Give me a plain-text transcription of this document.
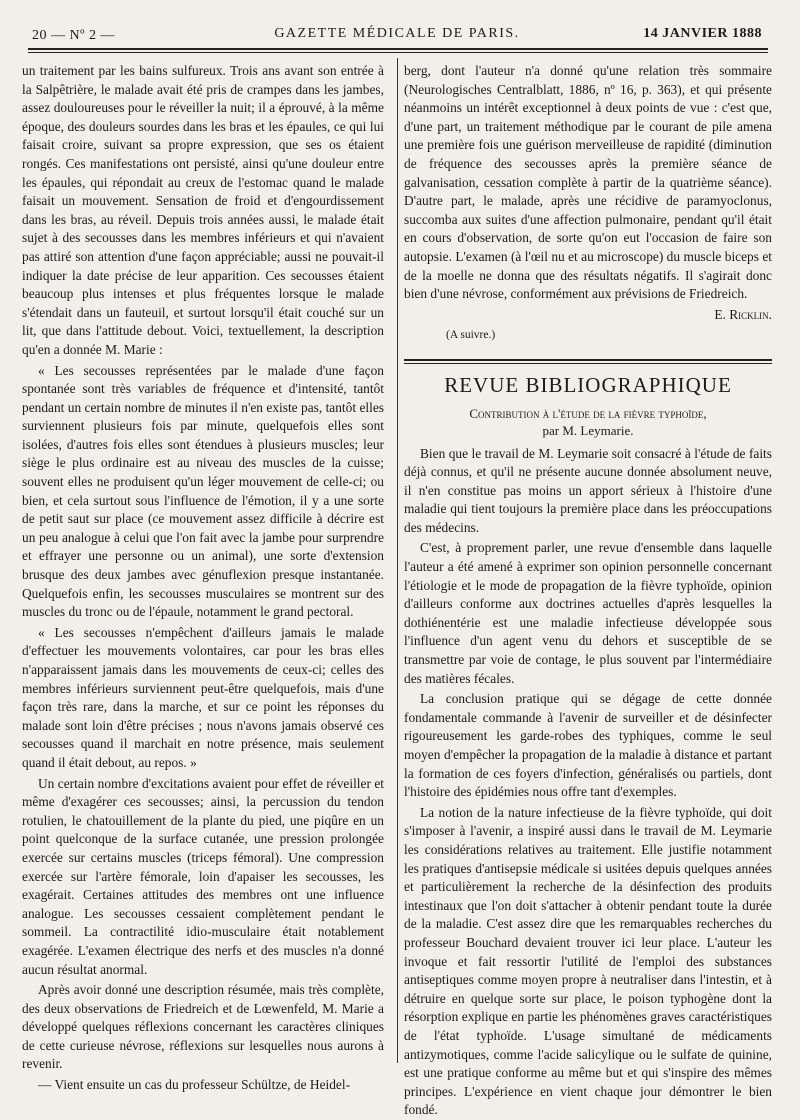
20 — Nº 2 —	GAZETTE MÉDICALE DE PARIS.	14 JANVIER 1888

un traitement par les bains sulfureux. Trois ans avant son entrée à la Salpêtrière, le malade avait été pris de crampes dans les jambes, assez douloureuses pour le réveiller la nuit; il a éprouvé, à la même époque, des douleurs sourdes dans les bras et les épaules, ce qui lui faisait croire, suivant sa propre expression, que ses os étaient rongés. Ces manifestations ont persisté, ainsi qu'une douleur entre les épaules, qui répondait au creux de l'estomac quand le malade faisait un mouvement. Sensation de froid et d'engourdissement dans les bras, au réveil. Depuis trois années aussi, le malade était sujet à des secousses dans les membres inférieurs et qui n'avaient pas attiré son attention d'une façon appréciable; aussi ne pouvait-il indiquer la date précise de leur apparition. Ces secousses étaient beaucoup plus intenses et plus fréquentes lorsque le malade s'étendait dans un fauteuil, et surtout lorsqu'il était couché sur un lit, que dans l'attitude debout. Voici, textuellement, la description qu'en a donnée M. Marie :

« Les secousses représentées par le malade d'une façon spontanée sont très variables de fréquence et d'intensité, tantôt pendant un certain nombre de minutes il n'en existe pas, tantôt elles surviennent plusieurs fois par minute, quelquefois elles sont isolées, d'autres fois elles sont étendues à plusieurs muscles; leur siège le plus ordinaire est au niveau des muscles de la cuisse; souvent elles ne produisent qu'un léger mouvement de celle-ci; ou bien, et cela surtout sous l'influence de l'émotion, il y a une sorte de petit saut sur place (ce mouvement assez difficile à décrire est un peu analogue à celui que l'on fait avec la jambe pour surprendre et effrayer une personne ou un animal), une sorte d'extension brusque des deux jambes avec génuflexion presque instantanée. Quelquefois enfin, les secousses musculaires se montrent sur des muscles du tronc ou de l'épaule, notamment le grand pectoral.

« Les secousses n'empêchent d'ailleurs jamais le malade d'effectuer les mouvements volontaires, car pour les bras elles n'apparaissent jamais dans les mouvements de ceux-ci; celles des membres inférieurs surviennent peut-être quelquefois, mais d'une façon très rare, dans la marche, et sur ce point les réponses du malade sont loin d'être précises ; nous n'avons jamais observé ces secousses quand il marchait en notre présence, mais seulement quand il était debout, au repos. »

Un certain nombre d'excitations avaient pour effet de réveiller et même d'exagérer ces secousses; ainsi, la percussion du tendon rotulien, le chatouillement de la plante du pied, une piqûre en un point quelconque de la surface cutanée, une pression prolongée exercée sur certains muscles (triceps fémoral). Une compression exercée sur l'artère fémorale, loin d'apaiser les secousses, les exagérait. Certaines attitudes des membres ont une influence analogue. Les secousses cessaient complètement pendant le sommeil. La contractilité idio-musculaire était notablement exagérée. L'examen électrique des nerfs et des muscles n'a donné aucun résultat anormal.

Après avoir donné une description résumée, mais très complète, des deux observations de Friedreich et de Lœwenfeld, M. Marie a développé quelques réflexions concernant les caractères cliniques de cette curieuse névrose, réflexions sur lesquelles nous aurons à revenir.

— Vient ensuite un cas du professeur Schültze, de Heidel-

berg, dont l'auteur n'a donné qu'une relation très sommaire (Neurologisches Centralblatt, 1886, nº 16, p. 363), et qui présente néanmoins un intérêt exceptionnel à deux points de vue : c'est que, d'une part, un traitement méthodique par le courant de pile amena une première fois une guérison merveilleuse de rapidité (diminution de fréquence des secousses après la première séance de galvanisation, cessation complète à partir de la quatrième séance). D'autre part, le malade, après une récidive de paramyoclonus, succomba aux suites d'une affection pulmonaire, pendant qu'il était en cours d'observation, de sorte qu'on eut l'occasion de faire son autopsie. L'examen (à l'œil nu et au microscope) du muscle biceps et de la moelle ne donna que des résultats négatifs. Il s'agirait donc bien d'une névrose, conformément aux prévisions de Friedreich.

E. Ricklin.
(A suivre.)
REVUE BIBLIOGRAPHIQUE
Contribution à l'étude de la fièvre typhoïde,
par M. Leymarie.

Bien que le travail de M. Leymarie soit consacré à l'étude de faits déjà connus, et qu'il ne présente aucune donnée absolument neuve, il n'en constitue pas moins un apport sérieux à l'histoire d'une maladie qui tient toujours la première place dans les préoccupations des médecins.

C'est, à proprement parler, une revue d'ensemble dans laquelle l'auteur a été amené à exprimer son opinion personnelle concernant l'étiologie et le mode de propagation de la fièvre typhoïde, opinion d'ailleurs conforme aux doctrines actuelles d'après lesquelles la dothiénentérie est une maladie infectieuse développée sous l'influence d'un agent venu du dehors et susceptible de se transmettre par voie de contage, le plus souvent par l'intermédiaire des matières fécales.

La conclusion pratique qui se dégage de cette donnée fondamentale commande à l'avenir de surveiller et de désinfecter rigoureusement les garde-robes des typhiques, comme le seul moyen d'empêcher la propagation de la maladie à distance et partant la formation de ces foyers d'infection, généralisés ou partiels, dont l'histoire des épidémies nous offre tant d'exemples.

La notion de la nature infectieuse de la fièvre typhoïde, qui doit s'imposer à l'avenir, a inspiré aussi dans le travail de M. Leymarie les considérations relatives au traitement. Elle justifie notamment les pratiques d'antisepsie médicale si usitées depuis quelques années et particulièrement la recherche de la désinfection des produits intestinaux que l'on doit s'attacher à obtenir pendant toute la durée de la maladie. C'est assez dire que les remarquables recherches du professeur Bouchard devaient trouver ici leur place. L'auteur les invoque et fait ressortir l'utilité de l'emploi des substances antiseptiques comme moyen propre à neutraliser dans l'intestin, et à détruire en quelque sorte sur place, le poison typhogène dont la résorption explique en partie les phénomènes graves caractéristiques de l'état typhoïde. L'usage simultané de médicaments antizymotiques, comme l'acide salicylique ou le sulfate de quinine, est une pratique conforme au même but et qui s'inspire des mêmes principes. L'expérience en vient chaque jour démontrer le bien fondé.
